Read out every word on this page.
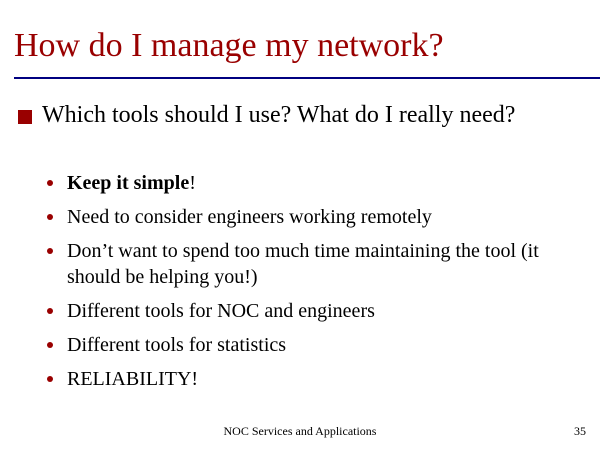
How do I manage my network?
Which tools should I use? What do I really need?
Keep it simple!
Need to consider engineers working remotely
Don’t want to spend too much time maintaining the tool (it should be helping you!)
Different tools for NOC and engineers
Different tools for statistics
RELIABILITY!
NOC Services and Applications	35
